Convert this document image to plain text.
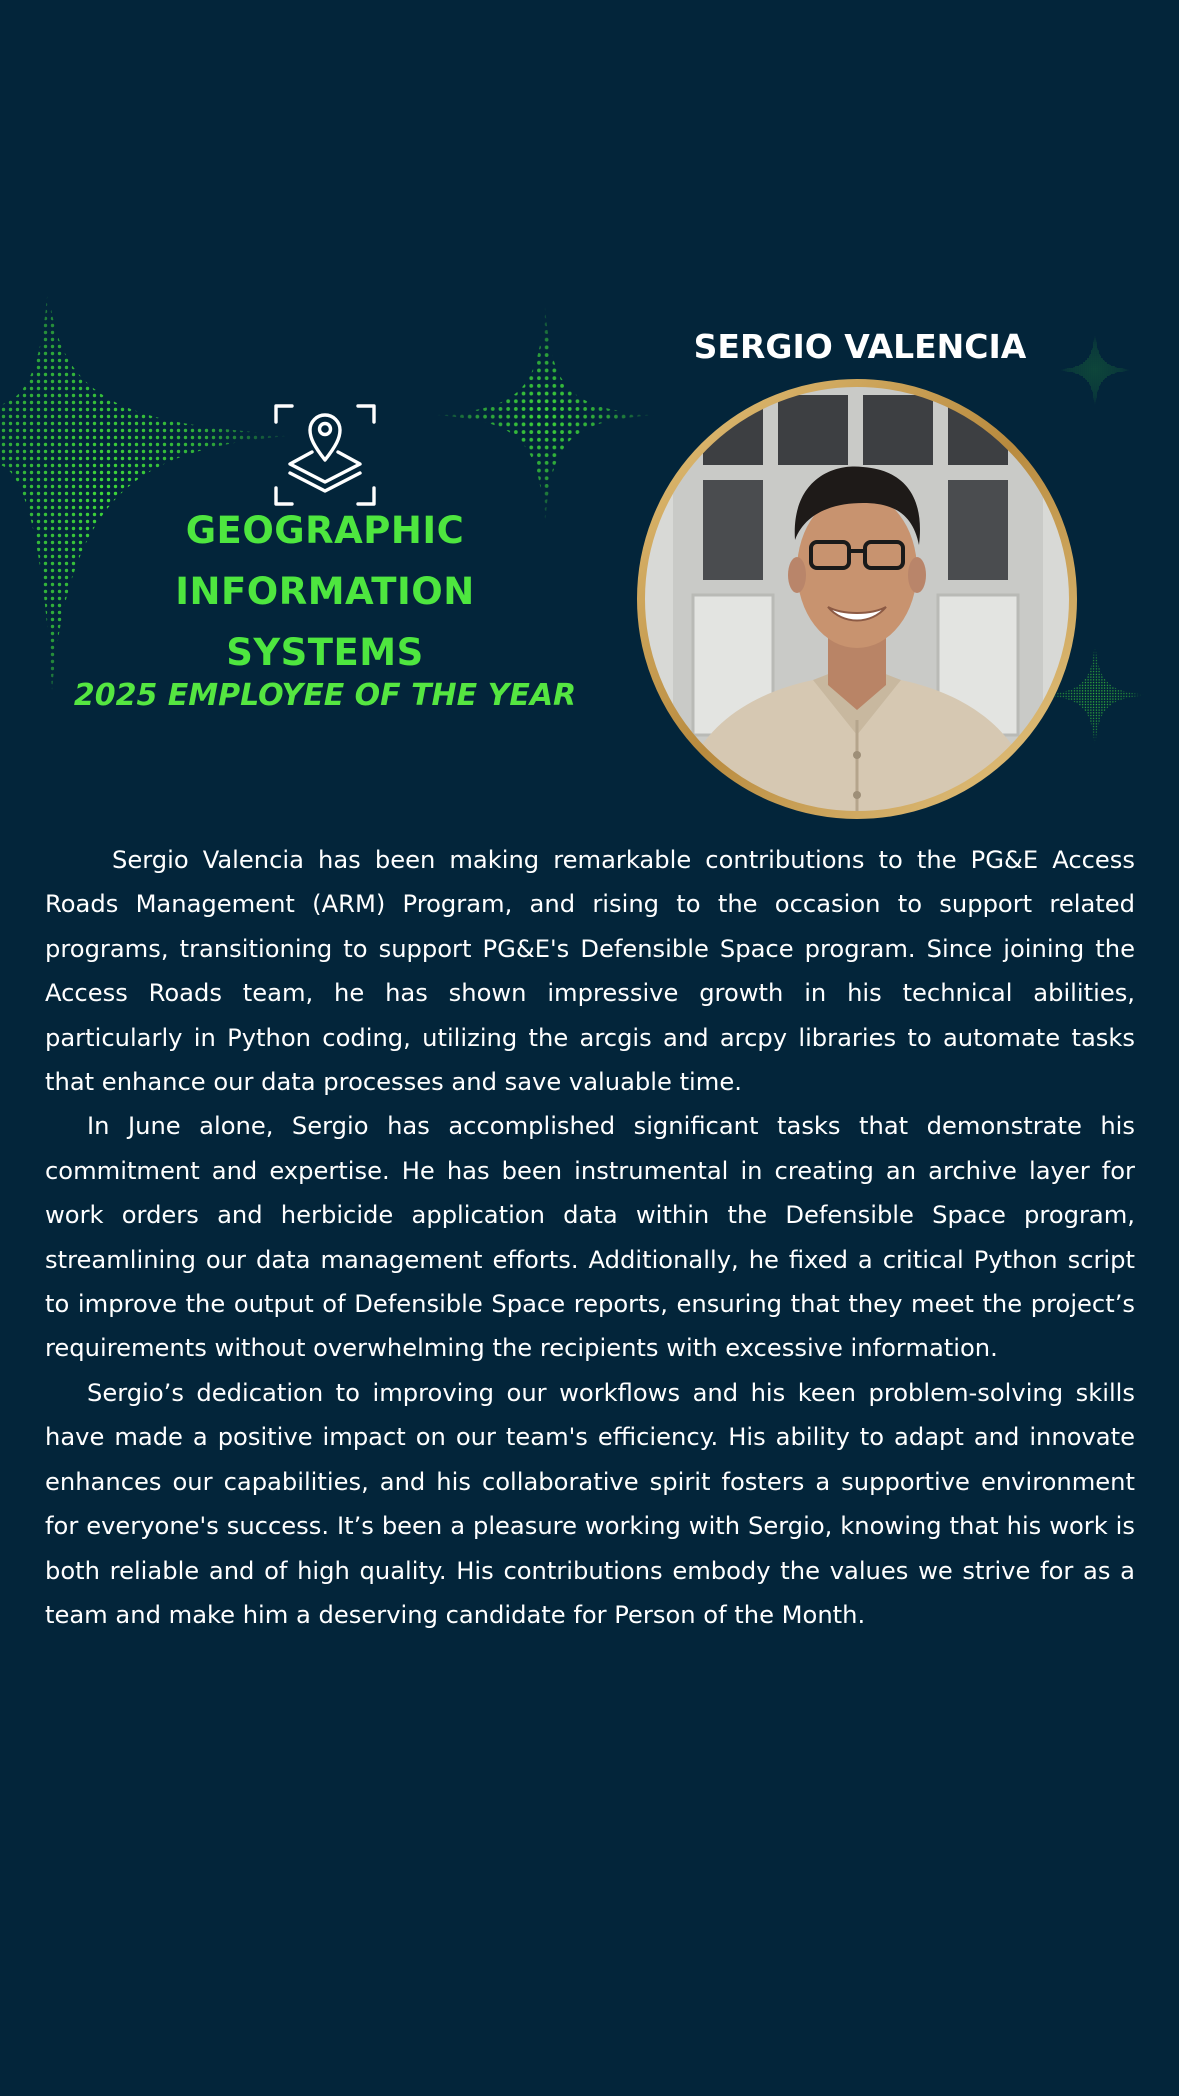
GEOGRAPHIC
INFORMATION
SYSTEMS
2025 EMPLOYEE OF THE YEAR
SERGIO VALENCIA

Sergio Valencia has been making remarkable contributions to the PG&E Access Roads Management (ARM) Program, and rising to the occasion to support related programs, transitioning to support PG&E's Defensible Space program. Since joining the Access Roads team, he has shown impressive growth in his technical abilities, particularly in Python coding, utilizing the arcgis and arcpy libraries to automate tasks that enhance our data processes and save valuable time.

In June alone, Sergio has accomplished significant tasks that demonstrate his commitment and expertise. He has been instrumental in creating an archive layer for work orders and herbicide application data within the Defensible Space program, streamlining our data management efforts. Additionally, he fixed a critical Python script to improve the output of Defensible Space reports, ensuring that they meet the project’s requirements without overwhelming the recipients with excessive information.

Sergio’s dedication to improving our workflows and his keen problem-solving skills have made a positive impact on our team's efficiency. His ability to adapt and innovate enhances our capabilities, and his collaborative spirit fosters a supportive environment for everyone's success. It’s been a pleasure working with Sergio, knowing that his work is both reliable and of high quality. His contributions embody the values we strive for as a team and make him a deserving candidate for Person of the Month.
